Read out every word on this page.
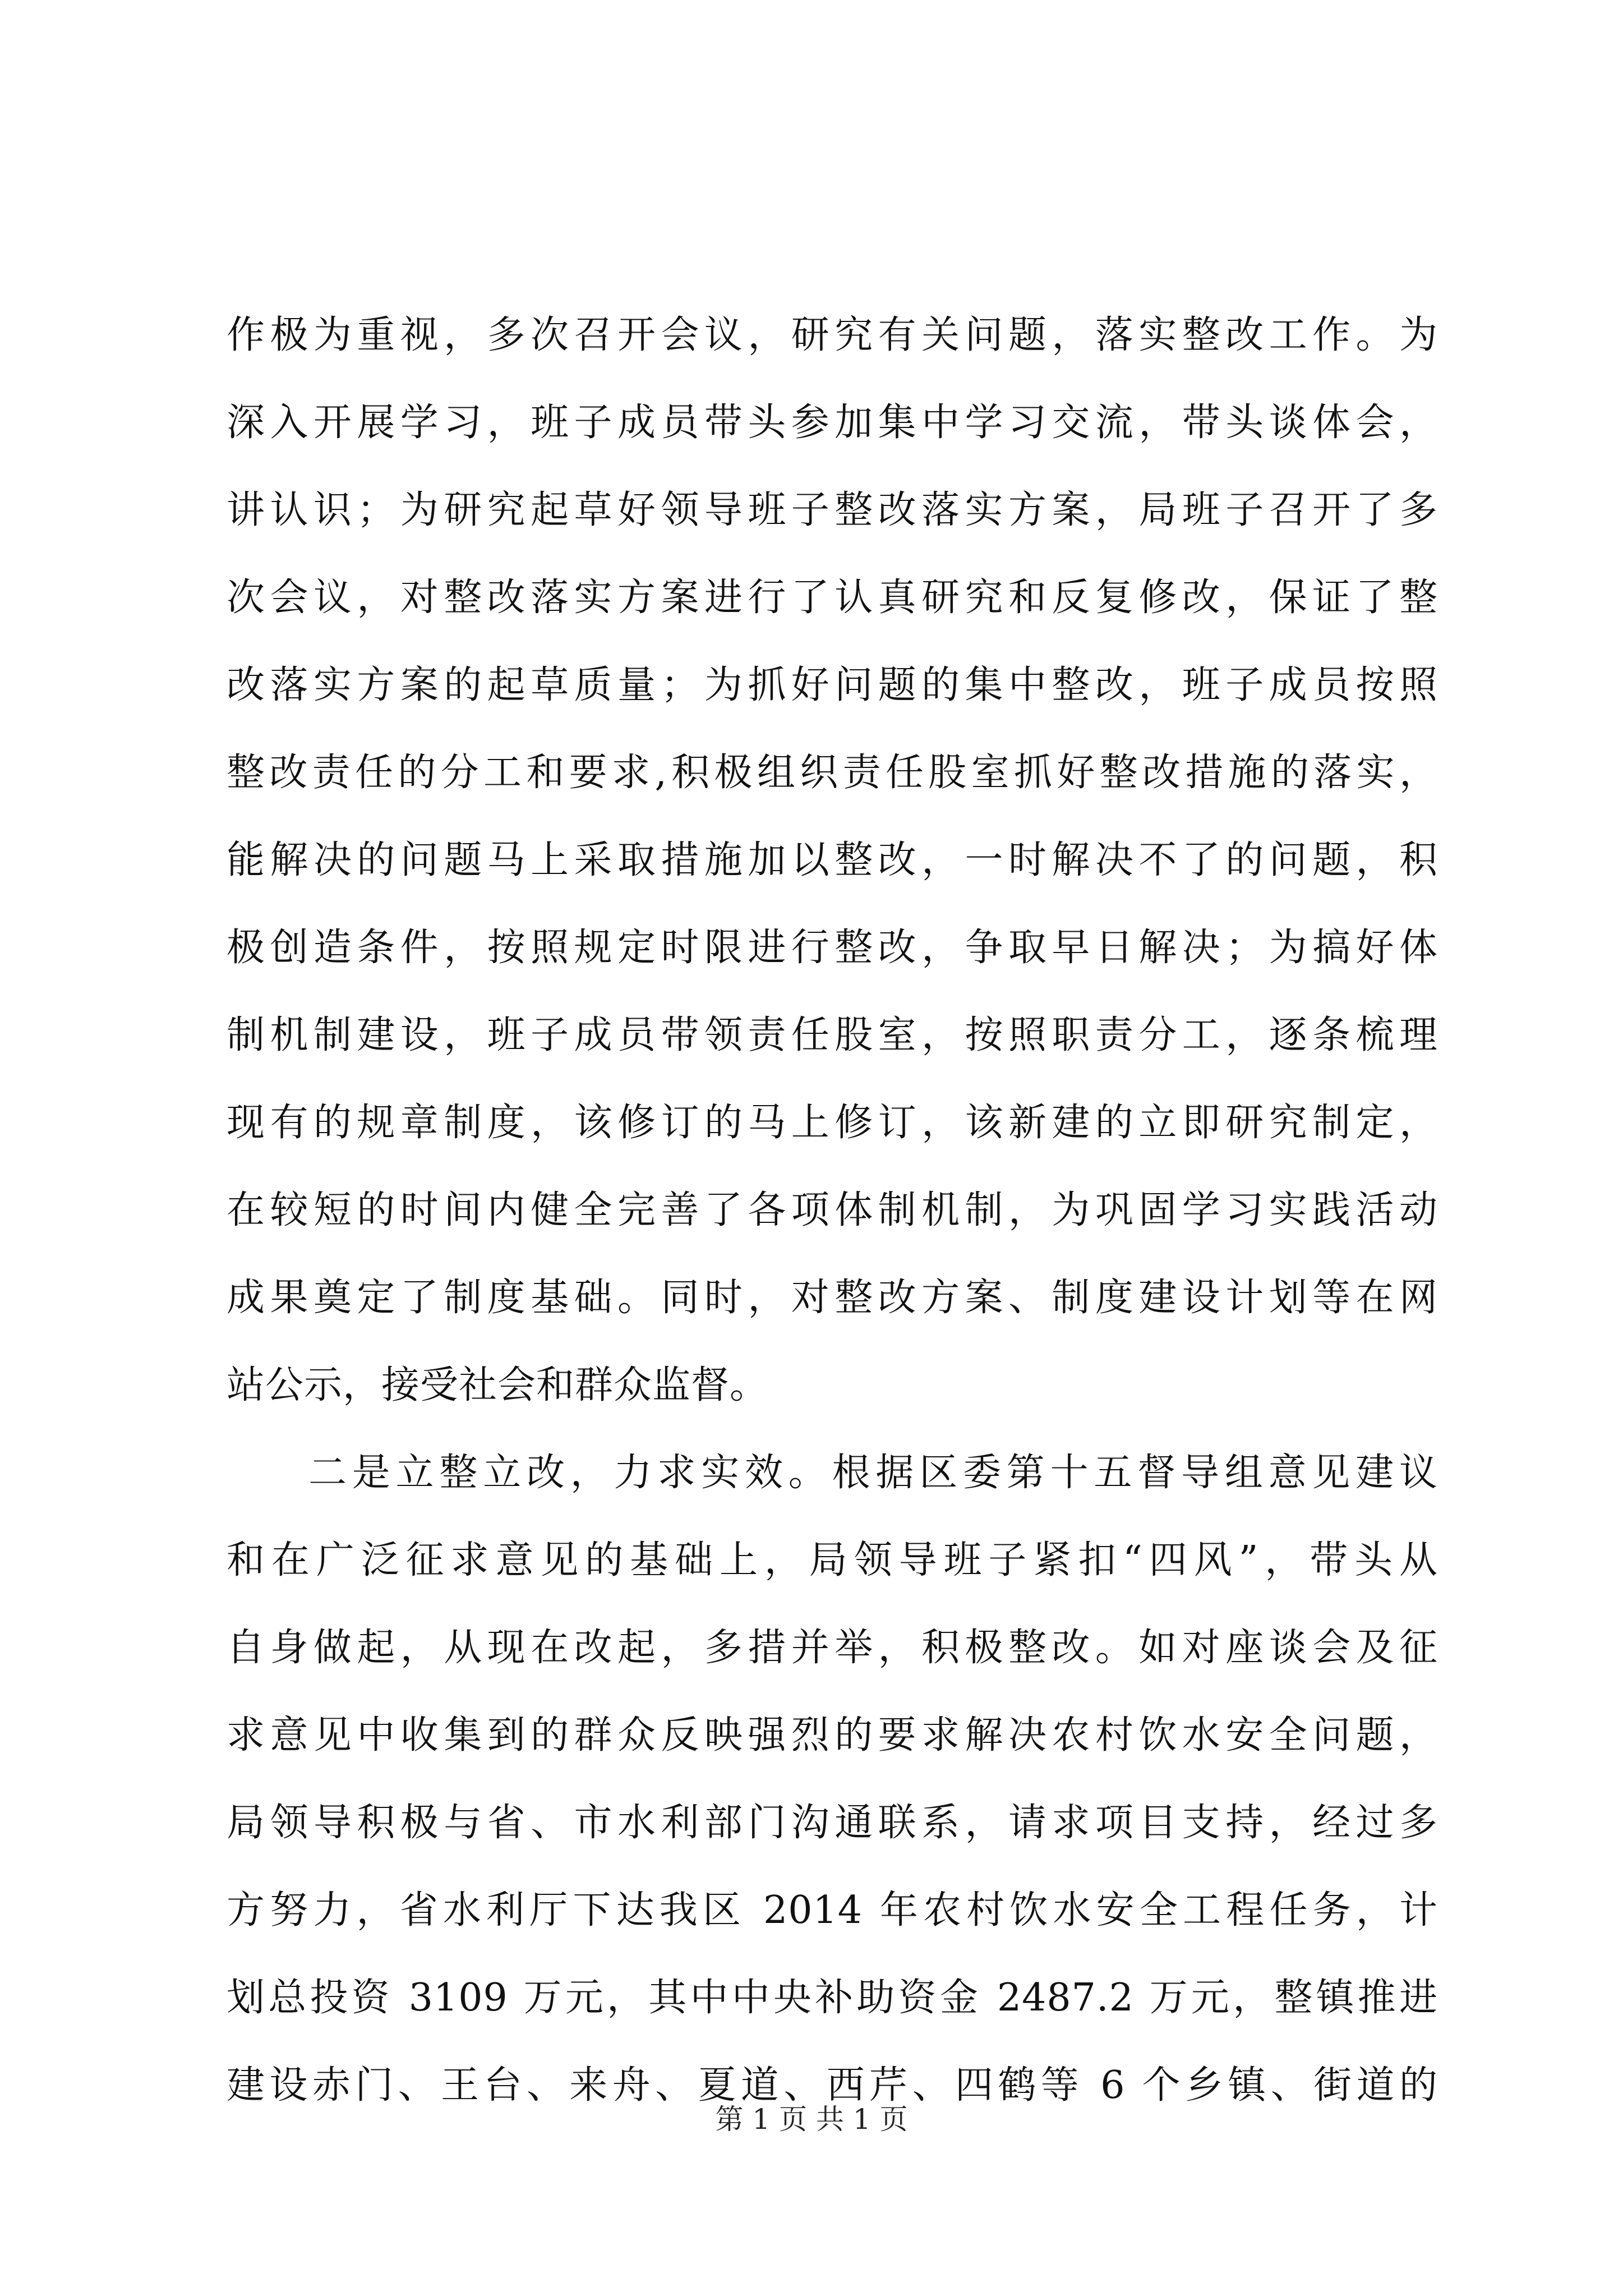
作极为重视，多次召开会议，研究有关问题，落实整改工作。为
深入开展学习，班子成员带头参加集中学习交流，带头谈体会，
讲认识；为研究起草好领导班子整改落实方案，局班子召开了多
次会议，对整改落实方案进行了认真研究和反复修改，保证了整
改落实方案的起草质量；为抓好问题的集中整改，班子成员按照
整改责任的分工和要求,积极组织责任股室抓好整改措施的落实，
能解决的问题马上采取措施加以整改，一时解决不了的问题，积
极创造条件，按照规定时限进行整改，争取早日解决；为搞好体
制机制建设，班子成员带领责任股室，按照职责分工，逐条梳理
现有的规章制度，该修订的马上修订，该新建的立即研究制定，
在较短的时间内健全完善了各项体制机制，为巩固学习实践活动
成果奠定了制度基础。同时，对整改方案、制度建设计划等在网
站公示，接受社会和群众监督。
二是立整立改，力求实效。根据区委第十五督导组意见建议
和在广泛征求意见的基础上，局领导班子紧扣“四风”，带头从
自身做起，从现在改起，多措并举，积极整改。如对座谈会及征
求意见中收集到的群众反映强烈的要求解决农村饮水安全问题，
局领导积极与省、市水利部门沟通联系，请求项目支持，经过多
方努力，省水利厅下达我区 2014 年农村饮水安全工程任务，计
划总投资 3109 万元，其中中央补助资金 2487.2 万元，整镇推进
建设赤门、王台、来舟、夏道、西芹、四鹤等 6 个乡镇、街道的
第 1 页 共 1 页
